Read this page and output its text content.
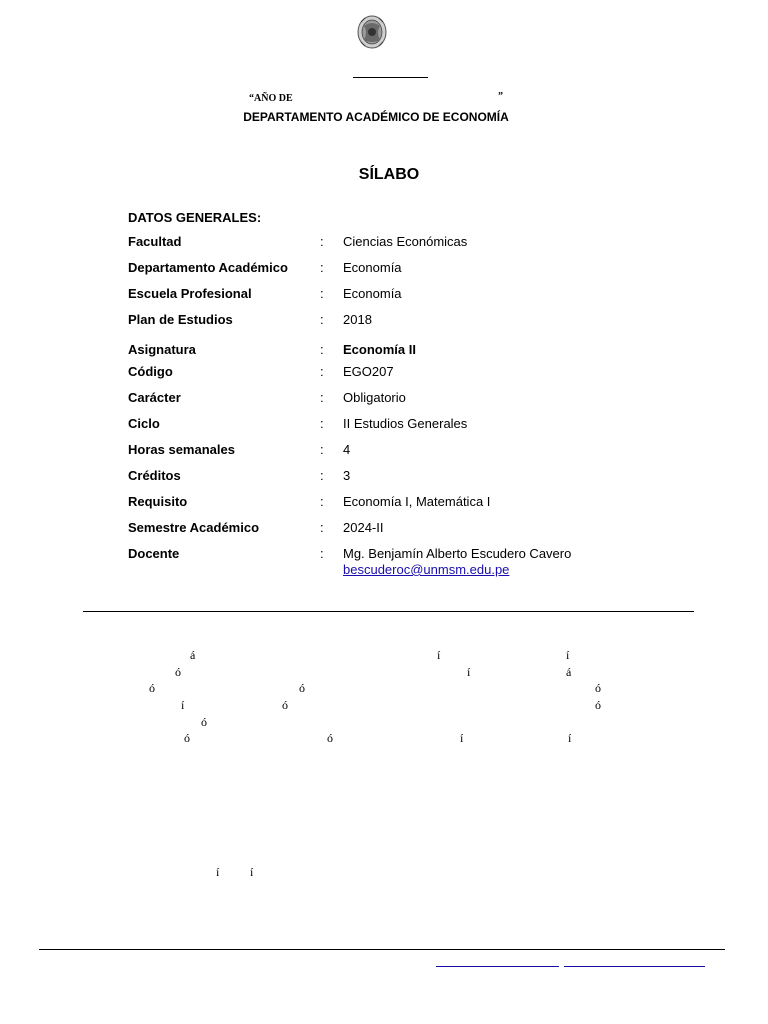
“AÑO DE	”
DEPARTAMENTO ACADÉMICO DE ECONOMÍA
SÍLABO
DATOS GENERALES:
Facultad	: Ciencias Económicas
Departamento Académico : Economía
Escuela Profesional	: Economía
Plan de Estudios	: 2018
Asignatura	: Economía II
Código	: EGO207
Carácter	: Obligatorio
Ciclo	: II Estudios Generales
Horas semanales	: 4
Créditos	: 3
Requisito	: Economía I, Matemática I
Semestre Académico	: 2024-II
Docente	: Mg. Benjamín Alberto Escudero Cavero
bescuderoc@unmsm.edu.pe
á	í	í
ó	í	á
ó	ó	ó
í	ó	ó
ó
ó	ó	í	í
í	í
